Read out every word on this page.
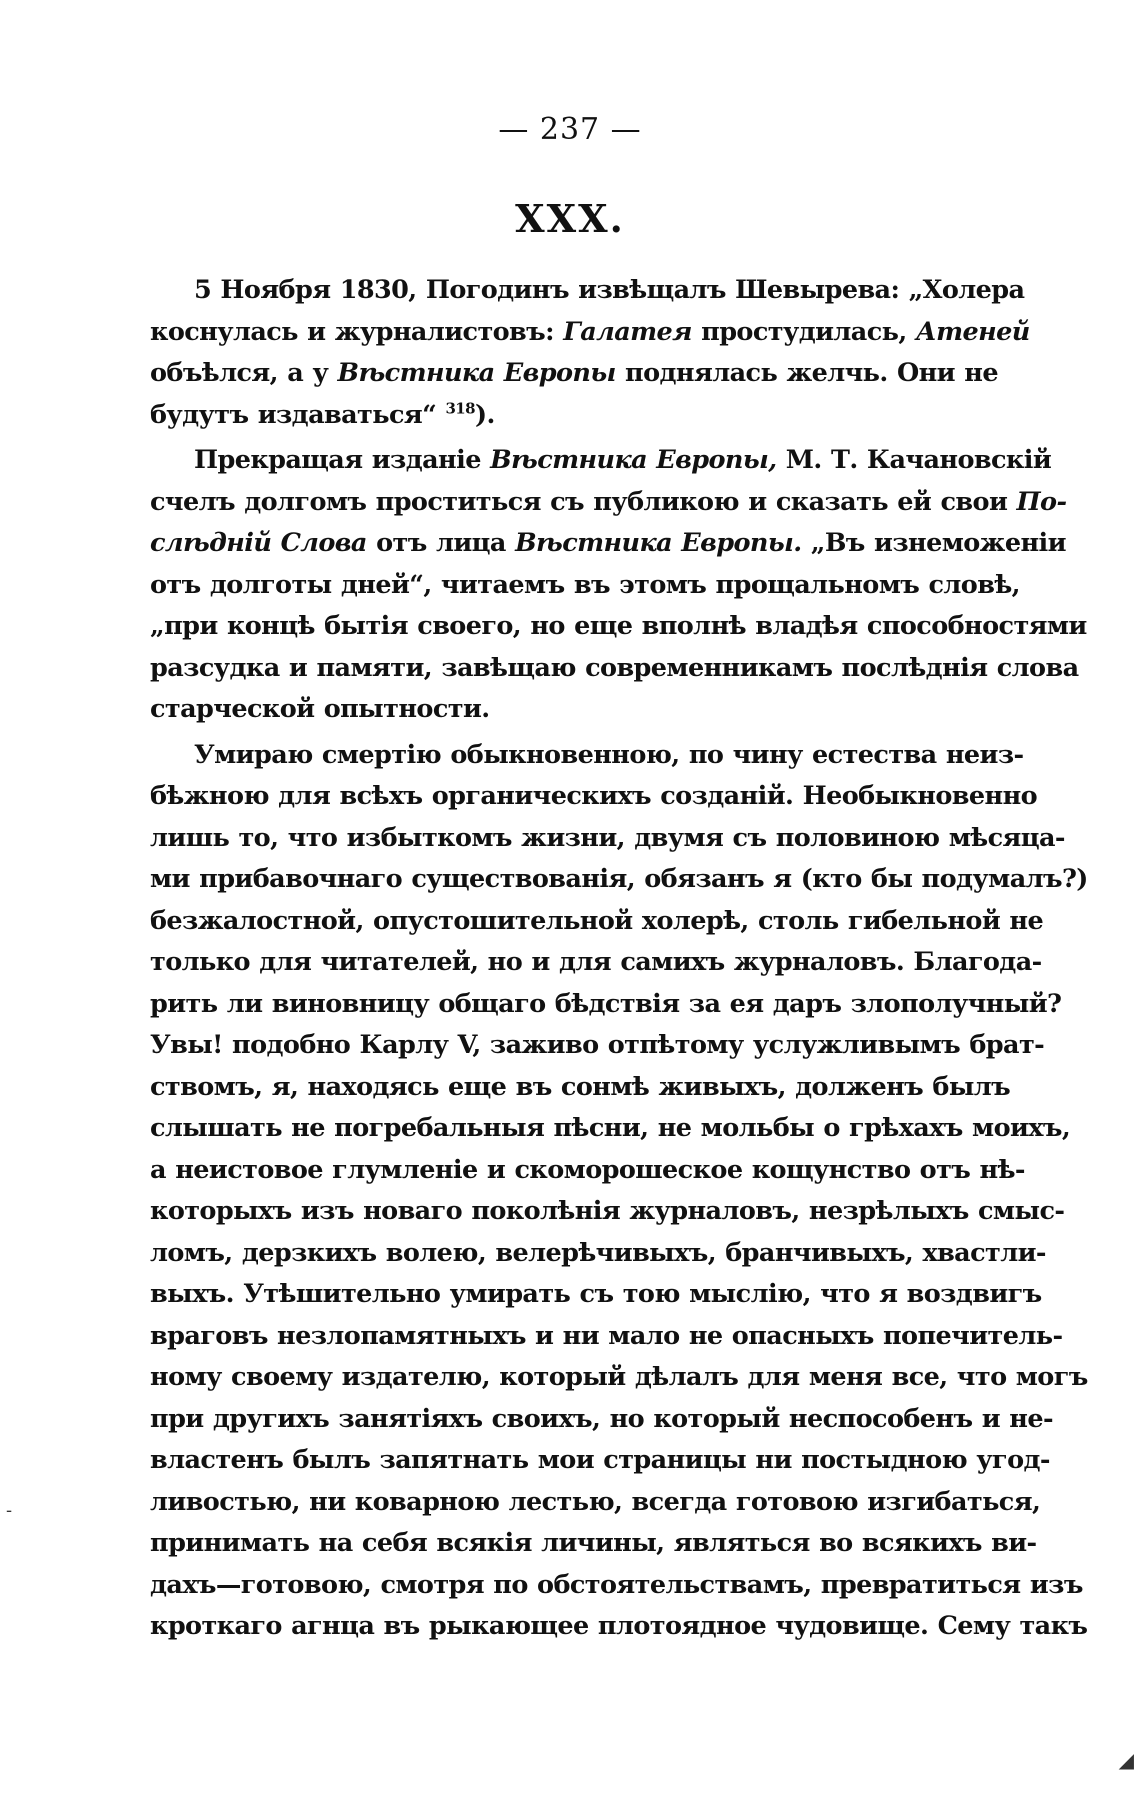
— 237 —
XXX.
5 Ноября 1830, Погодинъ извѣщалъ Шевырева: „Холера
коснулась и журналистовъ: Галатея простудилась, Атеней
объѣлся, а у Вѣстника Европы поднялась желчь. Они не
будутъ издаваться“ $^{318}$).
Прекращая изданіе Вѣстника Европы, М. Т. Качановскій
счелъ долгомъ проститься съ публикою и сказать ей свои По-
слѣдній Слова отъ лица Вѣстника Европы. „Въ изнеможеніи
отъ долготы дней“, читаемъ въ этомъ прощальномъ словѣ,
„при концѣ бытія своего, но еще вполнѣ владѣя способностями
разсудка и памяти, завѣщаю современникамъ послѣднія слова
старческой опытности.
Умираю смертію обыкновенною, по чину естества неиз-
бѣжною для всѣхъ органическихъ созданій. Необыкновенно
лишь то, что избыткомъ жизни, двумя съ половиною мѣсяца-
ми прибавочнаго существованія, обязанъ я (кто бы подумалъ?)
безжалостной, опустошительной холерѣ, столь гибельной не
только для читателей, но и для самихъ журналовъ. Благода-
рить ли виновницу общаго бѣдствія за ея даръ злополучный?
Увы! подобно Карлу V, заживо отпѣтому услужливымъ брат-
ствомъ, я, находясь еще въ сонмѣ живыхъ, долженъ былъ
слышать не погребальныя пѣсни, не мольбы о грѣхахъ моихъ,
а неистовое глумленіе и скоморошеское кощунство отъ нѣ-
которыхъ изъ новаго поколѣнія журналовъ, незрѣлыхъ смыс-
ломъ, дерзкихъ волею, велерѣчивыхъ, бранчивыхъ, хвастли-
выхъ. Утѣшительно умирать съ тою мыслію, что я воздвигъ
враговъ незлопамятныхъ и ни мало не опасныхъ попечитель-
ному своему издателю, который дѣлалъ для меня все, что могъ
при другихъ занятіяхъ своихъ, но который неспособенъ и не-
властенъ былъ запятнать мои страницы ни постыдною угод-
ливостью, ни коварною лестью, всегда готовою изгибаться,
принимать на себя всякія личины, являться во всякихъ ви-
дахъ—готовою, смотря по обстоятельствамъ, превратиться изъ
кроткаго агнца въ рыкающее плотоядное чудовище. Сему такъ
-
◢
